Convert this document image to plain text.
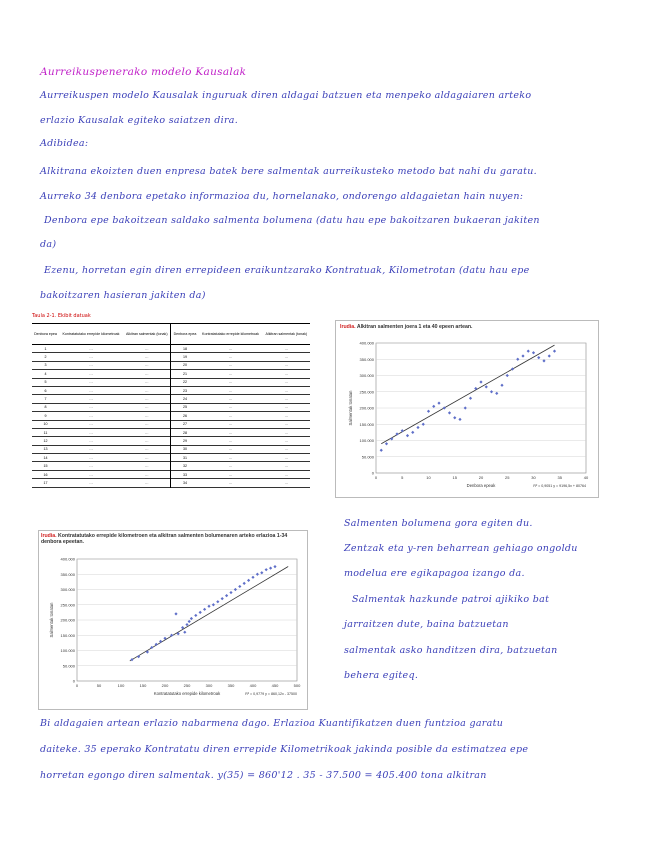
Aurreikuspenerako modelo Kausalak
Aurreikuspen modelo Kausalak inguruak diren aldagai batzuen eta menpeko aldagaiaren arteko
erlazio Kausalak egiteko saiatzen dira.
Adibidea:
Alkitrana ekoizten duen enpresa batek bere salmentak aurreikusteko metodo bat nahi du garatu.
Aurreko 34 denbora epetako informazioa du, hornelanako, ondorengo aldagaietan hain nuyen:
Denbora epe bakoitzean saldako salmenta bolumena (datu hau epe bakoitzaren bukaeran jakiten
da)
Ezenu, horretan egin diren errepideen eraikuntzarako Kontratuak, Kilometrotan (datu hau epe
bakoitzaren hasieran jakiten da)
Taula 2-1. Ekibit datuak
Denbora epea	Kontratatutako errepide kilometroak	Alkitran salmentak (tonak)	Denbora epea	Kontratatutako errepide kilometroak	Alkitran salmentak (tonak)
1	…	…	18	…	…
2	…	…	19	…	…
3	…	…	20	…	…
4	…	…	21	…	…
5	…	…	22	…	…
6	…	…	23	…	…
7	…	…	24	…	…
8	…	…	25	…	…
9	…	…	26	…	…
10	…	…	27	…	…
11	…	…	28	…	…
12	…	…	29	…	…
13	…	…	30	…	…
14	…	…	31	…	…
15	…	…	32	…	…
16	…	…	33	…	…
17	…	…	34	…	…
Irudia. Alkitran salmenten joera 1 eta 40 epeen artean.
0
50.000
100.000
150.000
200.000
250.000
300.000
350.000
400.000
0	5	10	15	20	25	30	35	40
Salmentak tonatan
Denbora epeak	R² = 0,9051 y = 9196,5x + 80764
Irudia. Kontratatutako errepide kilometroen eta alkitran salmenten bolumenaren arteko erlazioa 1-34 denbora epeetan.
0
50.000
100.000
150.000
200.000
250.000
300.000
350.000
400.000
0	50	100	150	200	250	300	350	400	450	500
Salmentak tonatan
Kontratatutako errepide kilometroak	R² = 0,9779 y = 860,12x - 37500
Salmenten bolumena gora egiten du.
Zentzak eta y-ren beharrean gehiago ongoldu
modelua ere egikapagoa izango da.
Salmentak hazkunde patroi ajikiko bat
jarraitzen dute, baina batzuetan
salmentak asko handitzen dira, batzuetan
behera egiteq.
Bi aldagaien artean erlazio nabarmena dago. Erlazioa Kuantifikatzen duen funtzioa garatu
daiteke. 35 eperako Kontratatu diren errepide Kilometrikoak jakinda posible da estimatzea epe
horretan egongo diren salmentak. y(35) = 860'12 . 35 - 37.500 = 405.400 tona alkitran
